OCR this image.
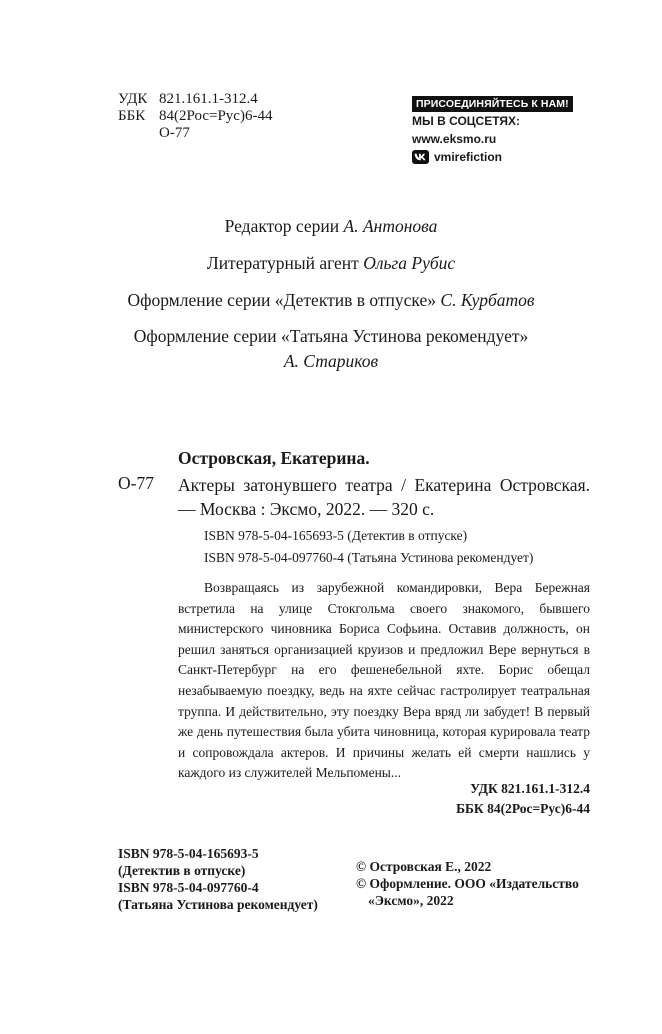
УДК 821.161.1-312.4
ББК 84(2Рос=Рус)6-44
О-77
ПРИСОЕДИНЯЙТЕСЬ К НАМ!
МЫ В СОЦСЕТЯХ:
www.eksmo.ru
vmirefiction
Редактор серии А. Антонова
Литературный агент Ольга Рубис
Оформление серии «Детектив в отпуске» С. Курбатов
Оформление серии «Татьяна Устинова рекомендует»
А. Стариков
Островская, Екатерина.
О-77 Актеры затонувшего театра / Екатерина Островская. — Москва : Эксмо, 2022. — 320 с.
ISBN 978-5-04-165693-5 (Детектив в отпуске)
ISBN 978-5-04-097760-4 (Татьяна Устинова рекомендует)
Возвращаясь из зарубежной командировки, Вера Бережная встретила на улице Стокгольма своего знакомого, бывшего министерского чиновника Бориса Софьина. Оставив должность, он решил заняться организацией круизов и предложил Вере вернуться в Санкт-Петербург на его фешенебельной яхте. Борис обещал незабываемую поездку, ведь на яхте сейчас гастролирует театральная труппа. И действительно, эту поездку Вера вряд ли забудет! В первый же день путешествия была убита чиновница, которая курировала театр и сопровождала актеров. И причины желать ей смерти нашлись у каждого из служителей Мельпомены...
УДК 821.161.1-312.4
ББК 84(2Рос=Рус)6-44
ISBN 978-5-04-165693-5
(Детектив в отпуске)
ISBN 978-5-04-097760-4
(Татьяна Устинова рекомендует)
© Островская Е., 2022
© Оформление. ООО «Издательство
«Эксмо», 2022
